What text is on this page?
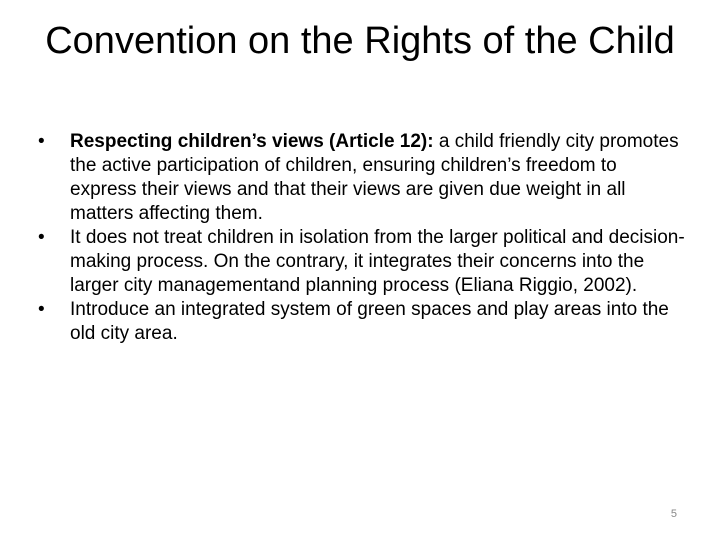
Convention on the Rights of the Child
• Respecting children’s views (Article 12): a child friendly city promotes the active participation of children, ensuring children’s freedom to express their views and that their views are given due weight in all matters affecting them.
• It does not treat children in isolation from the larger political and decision-making process. On the contrary, it integrates their concerns into the larger city managementand planning process (Eliana Riggio, 2002).
• Introduce an integrated system of green spaces and play areas into the old city area.
5
